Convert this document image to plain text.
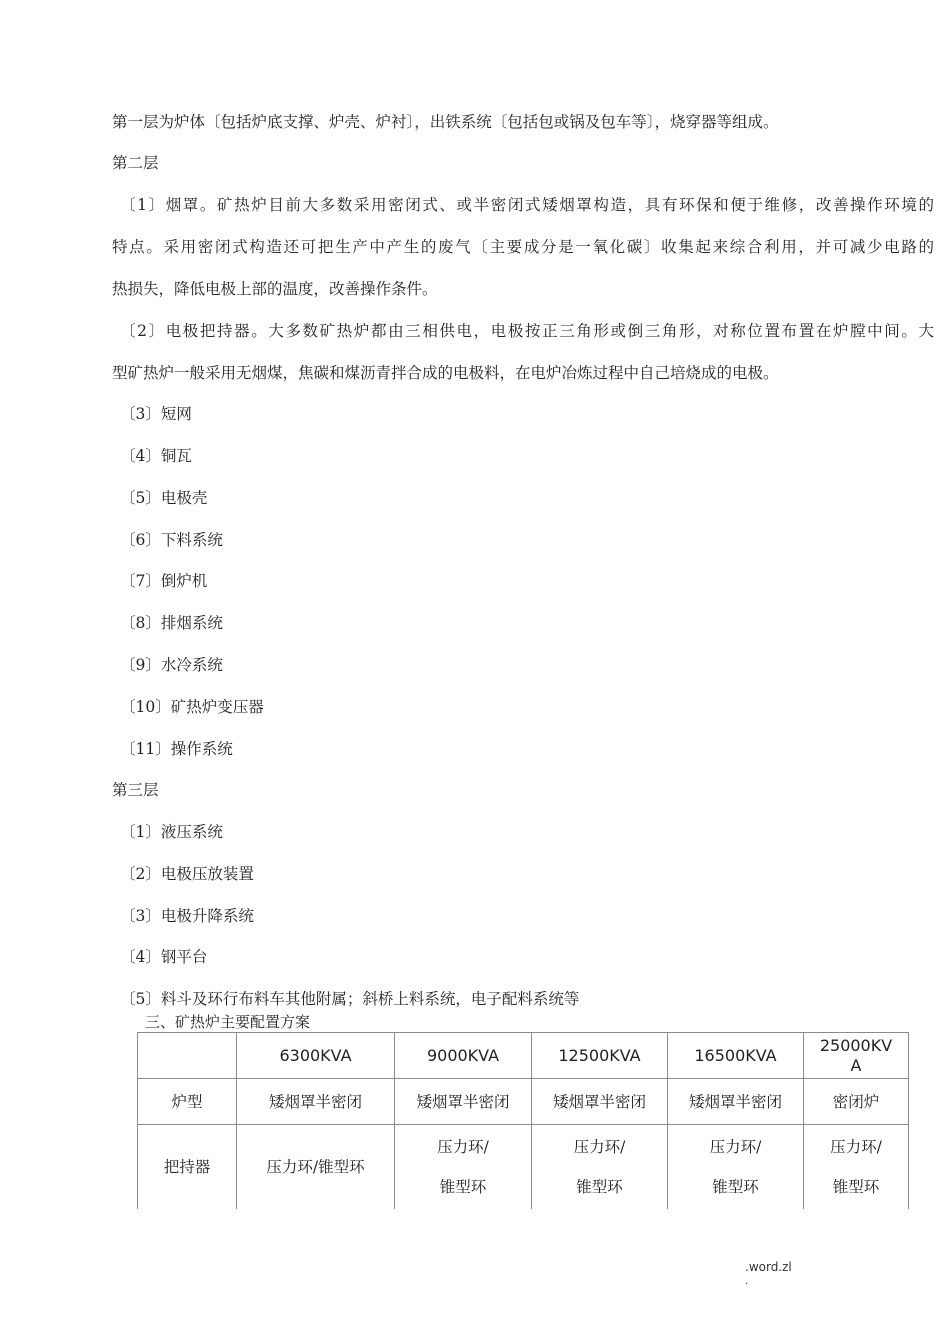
第一层为炉体〔包括炉底支撑、炉壳、炉衬〕，出铁系统〔包括包或锅及包车等〕，烧穿器等组成。
第二层
〔1〕烟罩。矿热炉目前大多数采用密闭式、或半密闭式矮烟罩构造，具有环保和便于维修，改善操作环境的
特点。采用密闭式构造还可把生产中产生的废气〔主要成分是一氧化碳〕收集起来综合利用，并可减少电路的
热损失，降低电极上部的温度，改善操作条件。
〔2〕电极把持器。大多数矿热炉都由三相供电，电极按正三角形或倒三角形，对称位置布置在炉膛中间。大
型矿热炉一般采用无烟煤，焦碳和煤沥青拌合成的电极料，在电炉冶炼过程中自己培烧成的电极。
〔3〕短网
〔4〕铜瓦
〔5〕电极壳
〔6〕下料系统
〔7〕倒炉机
〔8〕排烟系统
〔9〕水冷系统
〔10〕矿热炉变压器
〔11〕操作系统
第三层
〔1〕液压系统
〔2〕电极压放装置
〔3〕电极升降系统
〔4〕钢平台
〔5〕料斗及环行布料车其他附属；斜桥上料系统，电子配料系统等
三、矿热炉主要配置方案
	6300KVA	9000KVA	12500KVA	16500KVA	25000KV
A

炉型	矮烟罩半密闭	矮烟罩半密闭	矮烟罩半密闭	矮烟罩半密闭	密闭炉
把持器	压力环/锥型环	压力环/
锥型环	压力环/
锥型环	压力环/
锥型环	压力环/
锥型环
.word.zl
.
